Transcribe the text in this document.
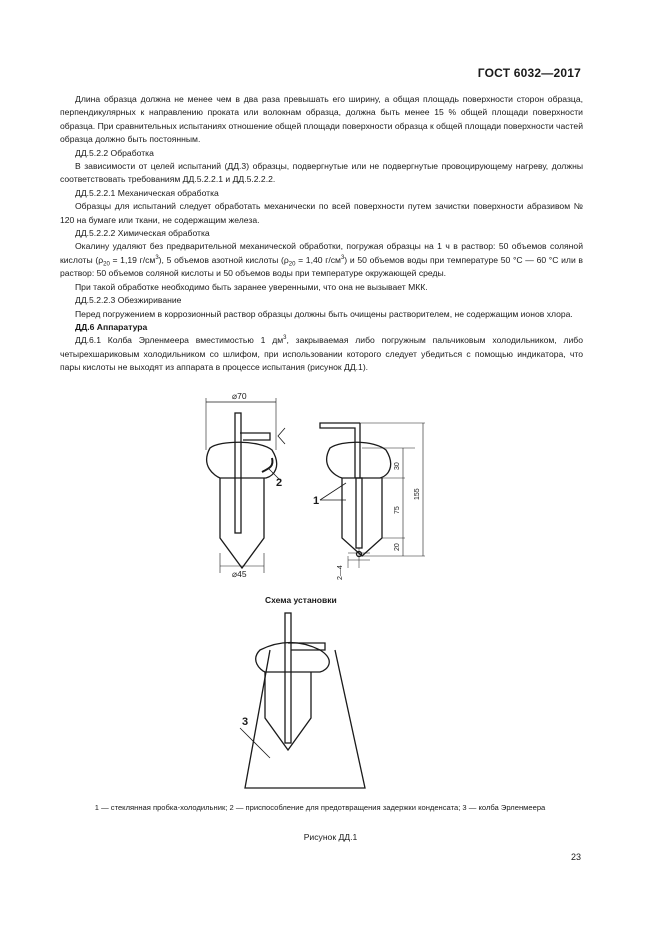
ГОСТ 6032—2017

Длина образца должна не менее чем в два раза превышать его ширину, а общая площадь поверхности сторон образца, перпендикулярных к направлению проката или волокнам образца, должна быть менее 15 % общей площади поверхности образца. При сравнительных испытаниях отношение общей площади поверхности образца к общей площади поверхности частей образца должно быть постоянным.

ДД.5.2.2 Обработка

В зависимости от целей испытаний (ДД.3) образцы, подвергнутые или не подвергнутые провоцирующему нагреву, должны соответствовать требованиям ДД.5.2.2.1 и ДД.5.2.2.2.

ДД.5.2.2.1 Механическая обработка

Образцы для испытаний следует обработать механически по всей поверхности путем зачистки поверхности абразивом № 120 на бумаге или ткани, не содержащим железа.

ДД.5.2.2.2 Химическая обработка

Окалину удаляют без предварительной механической обработки, погружая образцы на 1 ч в раствор: 50 объемов соляной кислоты ($\rho_{20} = 1,19$ $г/см^3$), 5 объемов азотной кислоты ($\rho_{20} = 1,40$ $г/см^3$) и 50 объемов воды при температуре 50 °С — 60 °С или в раствор: 50 объемов соляной кислоты и 50 объемов воды при температуре окружающей среды.

При такой обработке необходимо быть заранее уверенными, что она не вызывает МКК.

ДД.5.2.2.3 Обезжиривание

Перед погружением в коррозионный раствор образцы должны быть очищены растворителем, не содержащим ионов хлора.

ДД.6 Аппаратура

ДД.6.1 Колба Эрленмеера вместимостью 1 $дм^3$, закрываемая либо погружным пальчиковым холодильником, либо четырехшариковым холодильником со шлифом, при использовании которого следует убедиться с помощью индикатора, что пары кислоты не выходят из аппарата в процессе испытания (рисунок ДД.1).

⌀70
⌀45
2
1
30
75
20
155
2—4
Схема установки
3
1 — стеклянная пробка-холодильник; 2 — приспособление для предотвращения задержки конденсата; 3 — колба Эрленмеера
Рисунок ДД.1
23
